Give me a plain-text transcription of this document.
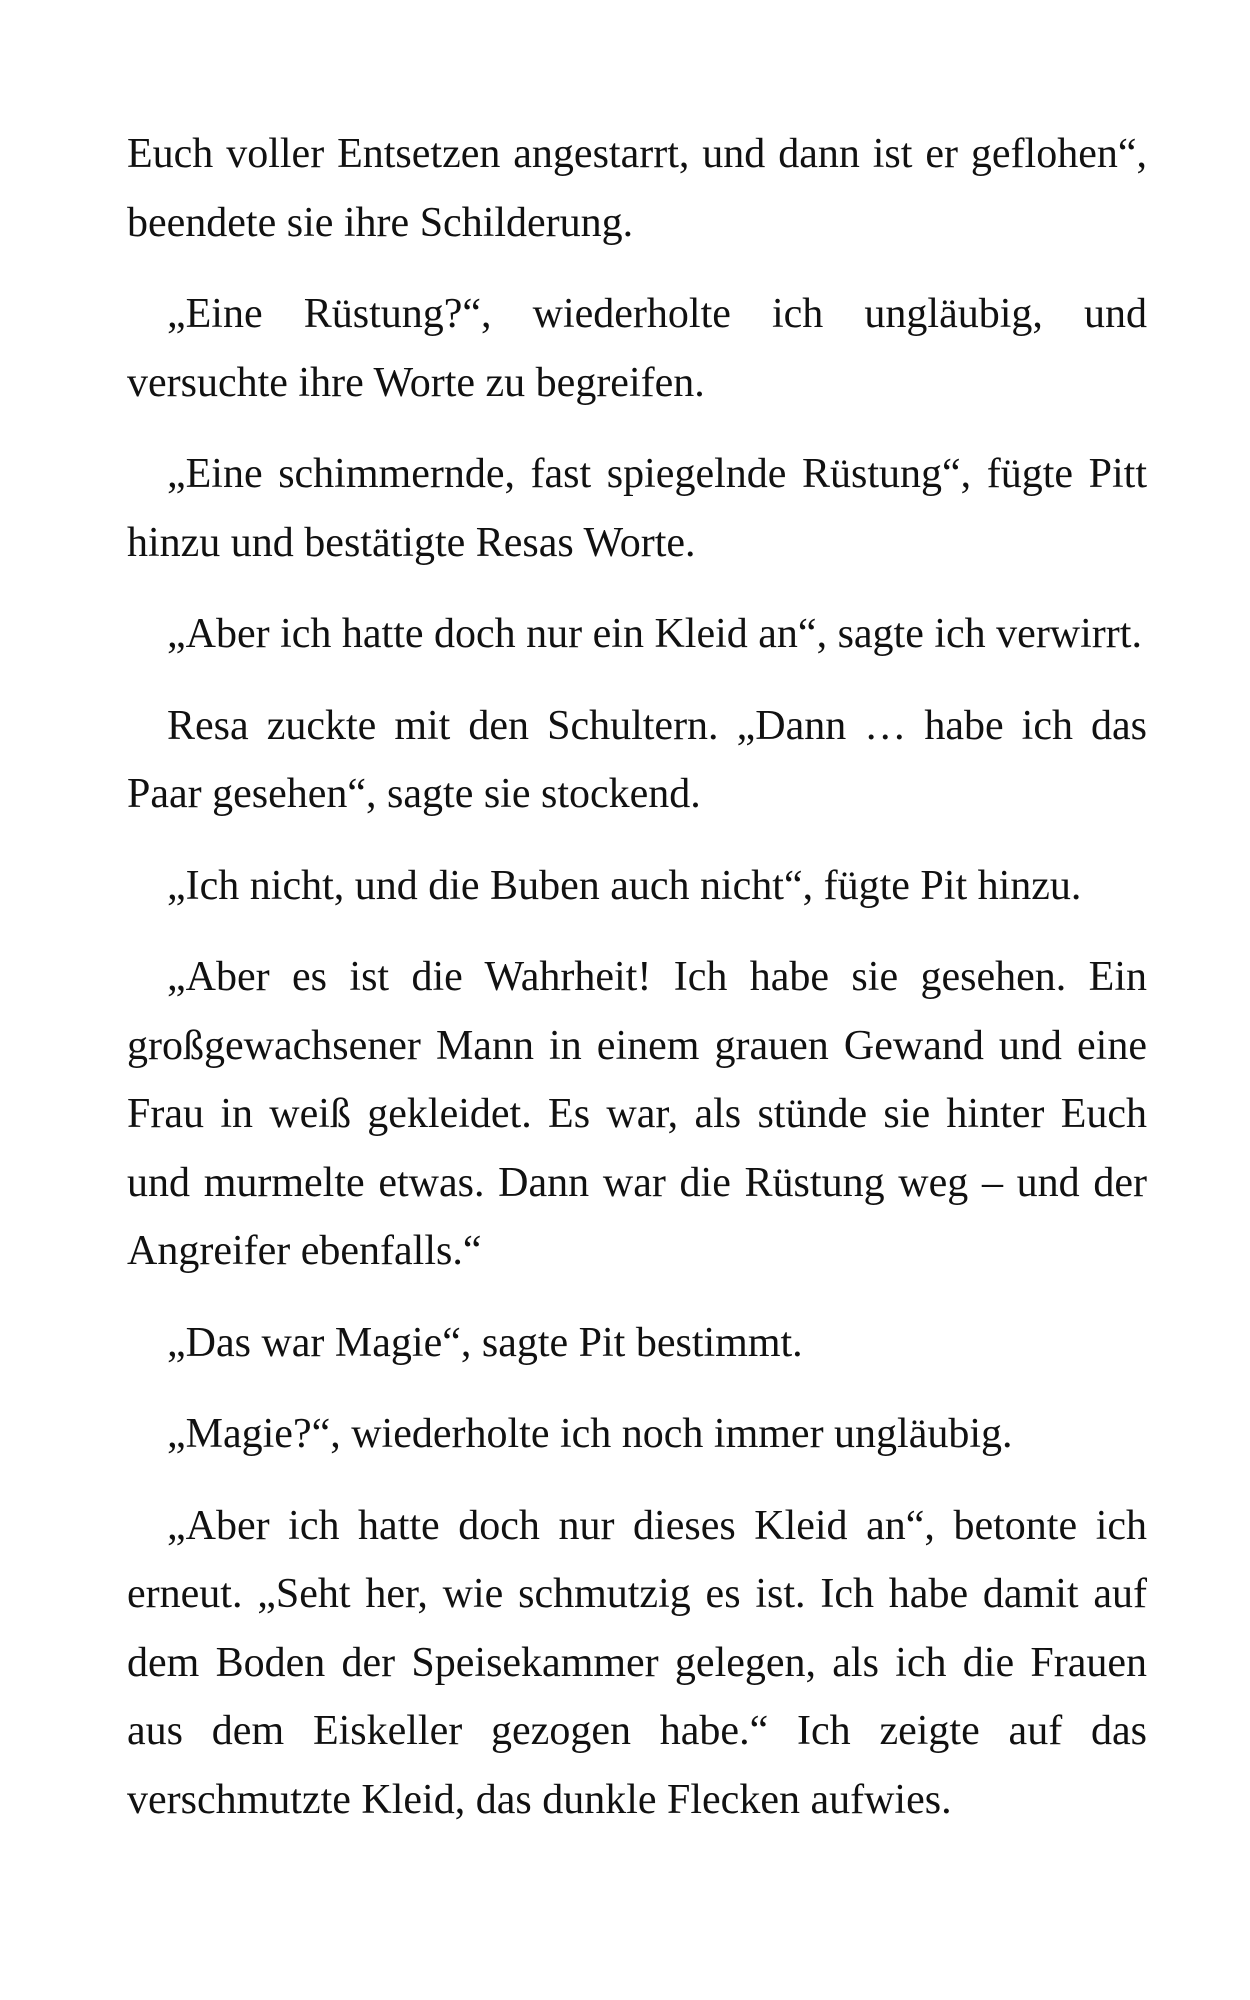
Euch voller Entsetzen angestarrt, und dann ist er geflohen“, beendete sie ihre Schilderung.

„Eine Rüstung?“, wiederholte ich ungläubig, und versuchte ihre Worte zu begreifen.

„Eine schimmernde, fast spiegelnde Rüstung“, fügte Pitt hinzu und bestätigte Resas Worte.

„Aber ich hatte doch nur ein Kleid an“, sagte ich verwirrt.

Resa zuckte mit den Schultern. „Dann … habe ich das Paar gesehen“, sagte sie stockend.

„Ich nicht, und die Buben auch nicht“, fügte Pit hinzu.

„Aber es ist die Wahrheit! Ich habe sie gesehen. Ein großgewachsener Mann in einem grauen Gewand und eine Frau in weiß gekleidet. Es war, als stünde sie hinter Euch und murmelte etwas. Dann war die Rüstung weg – und der Angreifer ebenfalls.“

„Das war Magie“, sagte Pit bestimmt.

„Magie?“, wiederholte ich noch immer ungläubig.

„Aber ich hatte doch nur dieses Kleid an“, betonte ich erneut. „Seht her, wie schmutzig es ist. Ich habe damit auf dem Boden der Speisekammer gelegen, als ich die Frauen aus dem Eiskeller gezogen habe.“ Ich zeigte auf das verschmutzte Kleid, das dunkle Flecken aufwies.
